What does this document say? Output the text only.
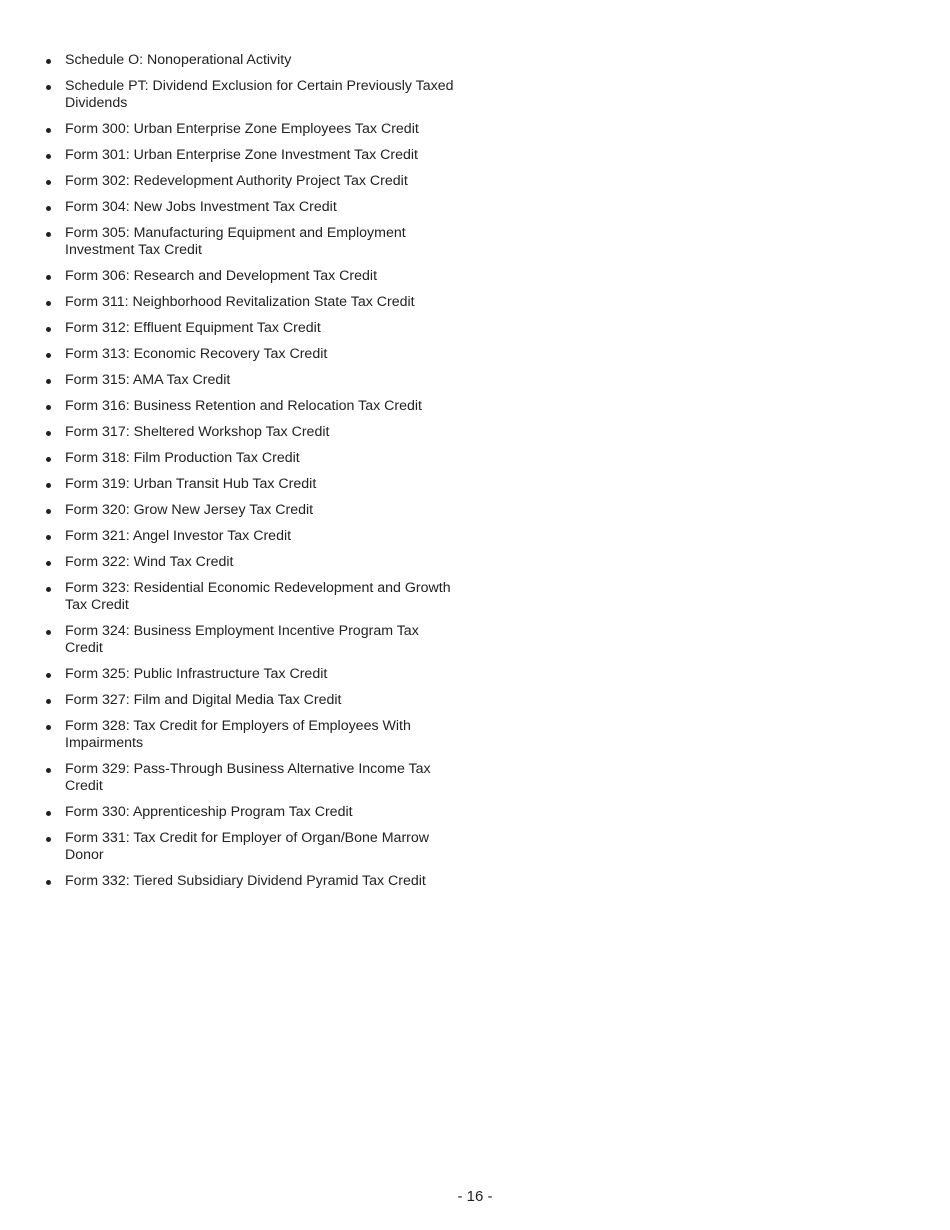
Schedule O: Nonoperational Activity
Schedule PT: Dividend Exclusion for Certain Previously Taxed Dividends
Form 300: Urban Enterprise Zone Employees Tax Credit
Form 301: Urban Enterprise Zone Investment Tax Credit
Form 302: Redevelopment Authority Project Tax Credit
Form 304: New Jobs Investment Tax Credit
Form 305: Manufacturing Equipment and Employment Investment Tax Credit
Form 306: Research and Development Tax Credit
Form 311: Neighborhood Revitalization State Tax Credit
Form 312: Effluent Equipment Tax Credit
Form 313: Economic Recovery Tax Credit
Form 315: AMA Tax Credit
Form 316: Business Retention and Relocation Tax Credit
Form 317: Sheltered Workshop Tax Credit
Form 318: Film Production Tax Credit
Form 319: Urban Transit Hub Tax Credit
Form 320: Grow New Jersey Tax Credit
Form 321: Angel Investor Tax Credit
Form 322: Wind Tax Credit
Form 323: Residential Economic Redevelopment and Growth Tax Credit
Form 324: Business Employment Incentive Program Tax Credit
Form 325: Public Infrastructure Tax Credit
Form 327: Film and Digital Media Tax Credit
Form 328: Tax Credit for Employers of Employees With Impairments
Form 329: Pass-Through Business Alternative Income Tax Credit
Form 330: Apprenticeship Program Tax Credit
Form 331: Tax Credit for Employer of Organ/Bone Marrow Donor
Form 332: Tiered Subsidiary Dividend Pyramid Tax Credit
- 16 -
